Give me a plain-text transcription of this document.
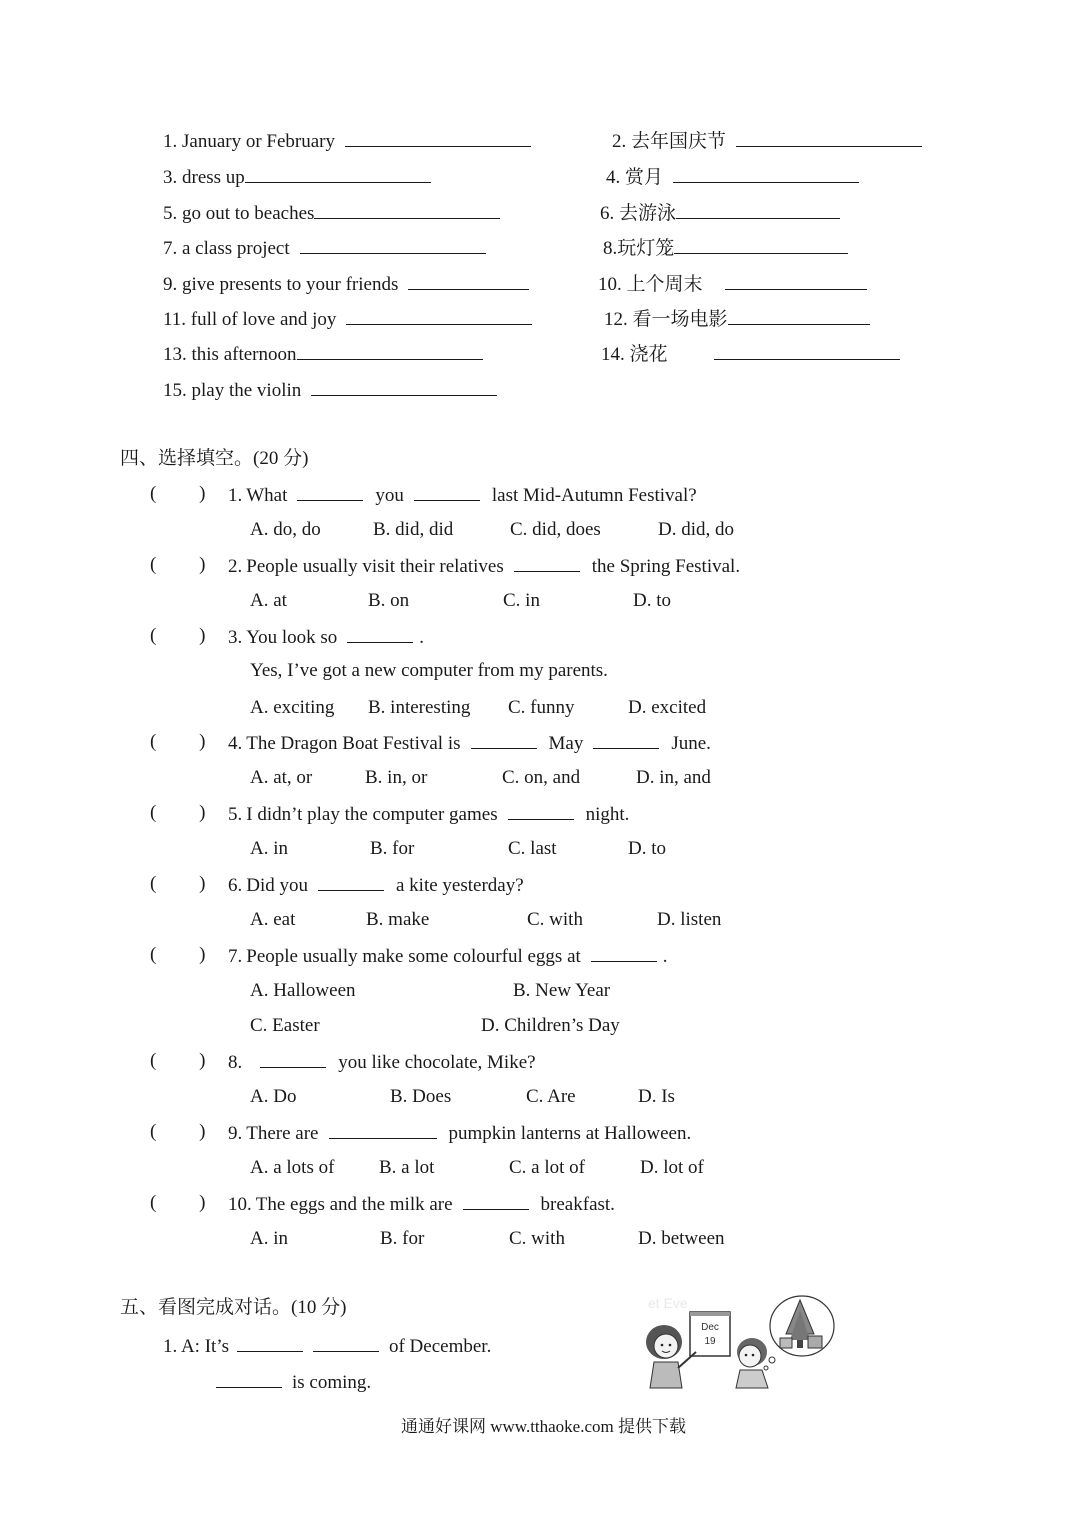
1. January or February	2. 去年国庆节
3. dress up	4. 赏月
5. go out to beaches	6. 去游泳
7. a class project	8.玩灯笼
9. give presents to your friends	10. 上个周末
11. full of love and joy	12. 看一场电影
13. this afternoon	14. 浇花
15. play the violin
四、选择填空。(20 分)
(         ) 1. What	you	last Mid-Autumn Festival?
A. do, do	B. did, did	C. did, does	D. did, do
(         ) 2. People usually visit their relatives	the Spring Festival.
A. at	B. on	C. in	D. to
(         ) 3. You look so	.
Yes, I’ve got a new computer from my parents.
A. exciting B. interesting C. funny	D. excited
(         ) 4. The Dragon Boat Festival is	May	June.
A. at, or	B. in, or	C. on, and	D. in, and
(         ) 5. I didn’t play the computer games	night.
A. in	B. for	C. last	D. to
(         ) 6. Did you	a kite yesterday?
A. eat	B. make	C. with	D. listen
(         ) 7. People usually make some colourful eggs at	.
A. Halloween	B. New Year
C. Easter	D. Children’s Day
(         ) 8.	you like chocolate, Mike?
A. Do	B. Does	C. Are	D. Is
(         ) 9. There are	pumpkin lanterns at Halloween.
A. a lots of B. a lot	C. a lot of	D. lot of
(         ) 10. The eggs and the milk are	breakfast.
A. in	B. for	C. with	D. between
五、看图完成对话。(10 分)
1. A: It’s	of December.
is coming.
et Eve
Dec
19
通通好课网 www.tthaoke.com 提供下载
